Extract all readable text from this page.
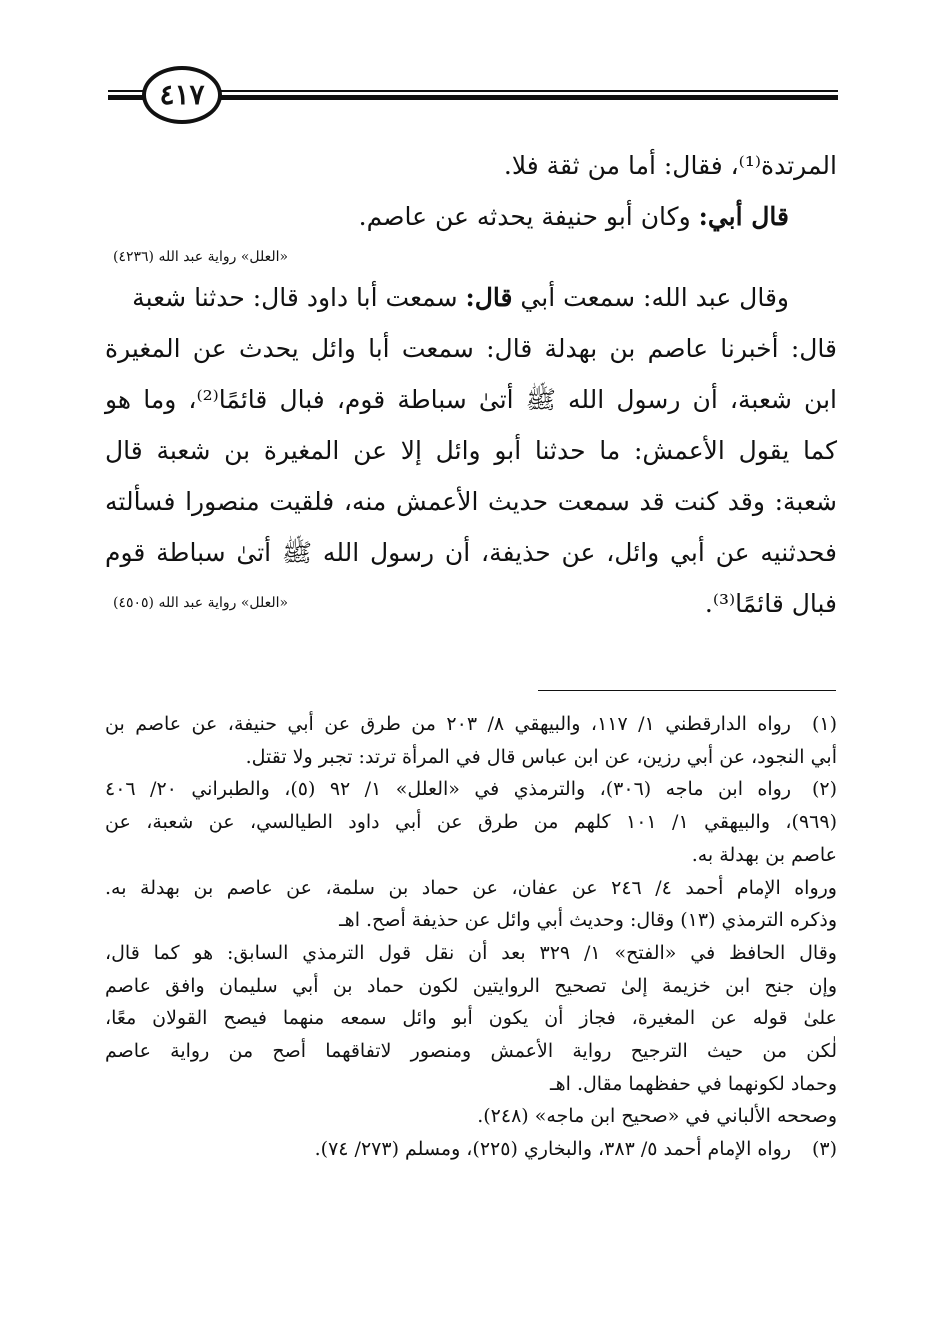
٤١٧
المرتدة⁽¹⁾، فقال: أما من ثقة فلا.
قال أبي: وكان أبو حنيفة يحدثه عن عاصم.
«العلل» رواية عبد الله (٤٢٣٦)
وقال عبد الله: سمعت أبي قال: سمعت أبا داود قال: حدثنا شعبة
قال: أخبرنا عاصم بن بهدلة قال: سمعت أبا وائل يحدث عن المغيرة
ابن شعبة، أن رسول الله ﷺ أتىٰ سباطة قوم، فبال قائمًا⁽²⁾، وما هو
كما يقول الأعمش: ما حدثنا أبو وائل إلا عن المغيرة بن شعبة قال
شعبة: وقد كنت قد سمعت حديث الأعمش منه، فلقيت منصورا فسألته
فحدثنيه عن أبي وائل، عن حذيفة، أن رسول الله ﷺ أتىٰ سباطة قوم
فبال قائمًا⁽³⁾.
«العلل» رواية عبد الله (٤٥٠٥)
(١)
رواه الدارقطني ١/ ١١٧، والبيهقي ٨/ ٢٠٣ من طرق عن أبي حنيفة، عن عاصم بن
أبي النجود، عن أبي رزين، عن ابن عباس قال في المرأة ترتد: تجبر ولا تقتل.
(٢)
رواه ابن ماجه (٣٠٦)، والترمذي في «العلل» ١/ ٩٢ (٥)، والطبراني ٢٠/ ٤٠٦
(٩٦٩)، والبيهقي ١/ ١٠١ كلهم من طرق عن أبي داود الطيالسي، عن شعبة، عن
عاصم بن بهدلة به.
ورواه الإمام أحمد ٤/ ٢٤٦ عن عفان، عن حماد بن سلمة، عن عاصم بن بهدلة به.
وذكره الترمذي (١٣) وقال: وحديث أبي وائل عن حذيفة أصح. اهـ
وقال الحافظ في «الفتح» ١/ ٣٢٩ بعد أن نقل قول الترمذي السابق: هو كما قال،
وإن جنح ابن خزيمة إلىٰ تصحيح الروايتين لكون حماد بن أبي سليمان وافق عاصم
علىٰ قوله عن المغيرة، فجاز أن يكون أبو وائل سمعه منهما فيصح القولان معًا،
لٰكن من حيث الترجيح رواية الأعمش ومنصور لاتفاقهما أصح من رواية عاصم
وحماد لكونهما في حفظهما مقال. اهـ
وصححه الألباني في «صحيح ابن ماجه» (٢٤٨).
(٣)
رواه الإمام أحمد ٥/ ٣٨٣، والبخاري (٢٢٥)، ومسلم (٢٧٣/ ٧٤).
